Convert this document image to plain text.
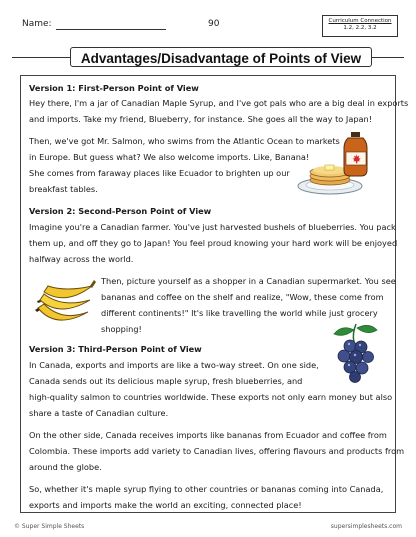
Name:	90	Curriculum Connection
1.2, 2.2, 3.2
Advantages/Disadvantage of Points of View
Version 1: First-Person Point of View
Hey there, I'm a jar of Canadian Maple Syrup, and I've got pals who are a big deal in exports
and imports. Take my friend, Blueberry, for instance. She goes all the way to Japan!
Then, we've got Mr. Salmon, who swims from the Atlantic Ocean to markets
in Europe. But guess what? We also welcome imports. Like, Banana!
She comes from faraway places like Ecuador to brighten up our
breakfast tables.
Version 2: Second-Person Point of View
Imagine you're a Canadian farmer. You've just harvested bushels of blueberries. You pack
them up, and off they go to Japan! You feel proud knowing your hard work will be enjoyed
halfway across the world.
Then, picture yourself as a shopper in a Canadian supermarket. You see
bananas and coffee on the shelf and realize, "Wow, these come from
different continents!" It's like travelling the world while just grocery
shopping!
Version 3: Third-Person Point of View
In Canada, exports and imports are like a two-way street. On one side,
Canada sends out its delicious maple syrup, fresh blueberries, and
high-quality salmon to countries worldwide. These exports not only earn money but also
share a taste of Canadian culture.
On the other side, Canada receives imports like bananas from Ecuador and coffee from
Colombia. These imports add variety to Canadian lives, offering flavours and products from
around the globe.
So, whether it's maple syrup flying to other countries or bananas coming into Canada,
exports and imports make the world an exciting, connected place!
© Super Simple Sheets	supersimplesheets.com
